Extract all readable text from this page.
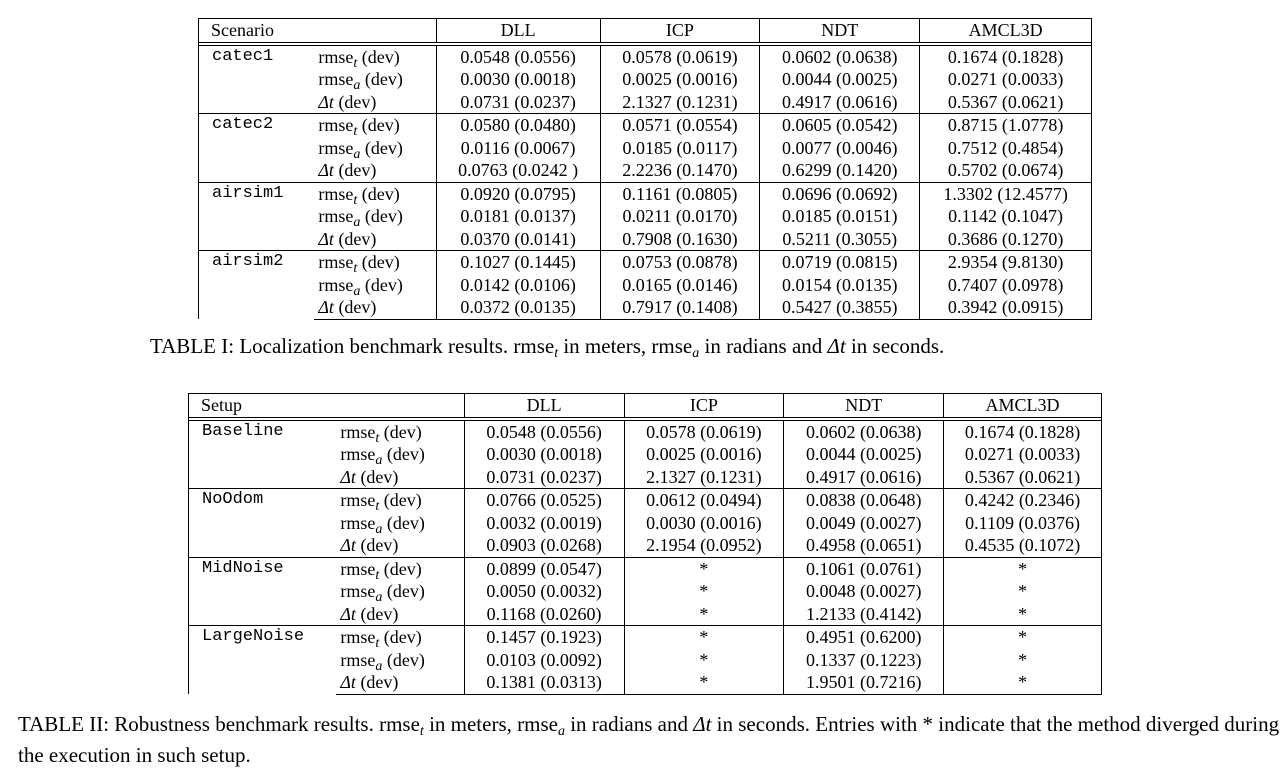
Scenario		DLL	ICP	NDT	AMCL3D

catec1	rmse$_t$ (dev)	0.0548 (0.0556)	0.0578 (0.0619)	0.0602 (0.0638)	0.1674 (0.1828)
	rmse$_a$ (dev)	0.0030 (0.0018)	0.0025 (0.0016)	0.0044 (0.0025)	0.0271 (0.0033)
	Δt (dev)	0.0731 (0.0237)	2.1327 (0.1231)	0.4917 (0.0616)	0.5367 (0.0621)
catec2	rmse$_t$ (dev)	0.0580 (0.0480)	0.0571 (0.0554)	0.0605 (0.0542)	0.8715 (1.0778)
	rmse$_a$ (dev)	0.0116 (0.0067)	0.0185 (0.0117)	0.0077 (0.0046)	0.7512 (0.4854)
	Δt (dev)	0.0763 (0.0242 )	2.2236 (0.1470)	0.6299 (0.1420)	0.5702 (0.0674)
airsim1	rmse$_t$ (dev)	0.0920 (0.0795)	0.1161 (0.0805)	0.0696 (0.0692)	1.3302 (12.4577)
	rmse$_a$ (dev)	0.0181 (0.0137)	0.0211 (0.0170)	0.0185 (0.0151)	0.1142 (0.1047)
	Δt (dev)	0.0370 (0.0141)	0.7908 (0.1630)	0.5211 (0.3055)	0.3686 (0.1270)
airsim2	rmse$_t$ (dev)	0.1027 (0.1445)	0.0753 (0.0878)	0.0719 (0.0815)	2.9354 (9.8130)
	rmse$_a$ (dev)	0.0142 (0.0106)	0.0165 (0.0146)	0.0154 (0.0135)	0.7407 (0.0978)
	Δt (dev)	0.0372 (0.0135)	0.7917 (0.1408)	0.5427 (0.3855)	0.3942 (0.0915)
TABLE I: Localization benchmark results. rmse$_t$ in meters, rmse$_a$ in radians and Δt in seconds.
Setup		DLL	ICP	NDT	AMCL3D

Baseline	rmse$_t$ (dev)	0.0548 (0.0556)	0.0578 (0.0619)	0.0602 (0.0638)	0.1674 (0.1828)
	rmse$_a$ (dev)	0.0030 (0.0018)	0.0025 (0.0016)	0.0044 (0.0025)	0.0271 (0.0033)
	Δt (dev)	0.0731 (0.0237)	2.1327 (0.1231)	0.4917 (0.0616)	0.5367 (0.0621)
NoOdom	rmse$_t$ (dev)	0.0766 (0.0525)	0.0612 (0.0494)	0.0838 (0.0648)	0.4242 (0.2346)
	rmse$_a$ (dev)	0.0032 (0.0019)	0.0030 (0.0016)	0.0049 (0.0027)	0.1109 (0.0376)
	Δt (dev)	0.0903 (0.0268)	2.1954 (0.0952)	0.4958 (0.0651)	0.4535 (0.1072)
MidNoise	rmse$_t$ (dev)	0.0899 (0.0547)	*	0.1061 (0.0761)	*
	rmse$_a$ (dev)	0.0050 (0.0032)	*	0.0048 (0.0027)	*
	Δt (dev)	0.1168 (0.0260)	*	1.2133 (0.4142)	*
LargeNoise	rmse$_t$ (dev)	0.1457 (0.1923)	*	0.4951 (0.6200)	*
	rmse$_a$ (dev)	0.0103 (0.0092)	*	0.1337 (0.1223)	*
	Δt (dev)	0.1381 (0.0313)	*	1.9501 (0.7216)	*
TABLE II: Robustness benchmark results. rmse$_t$ in meters, rmse$_a$ in radians and Δt in seconds. Entries with * indicate that the method diverged during the execution in such setup.
